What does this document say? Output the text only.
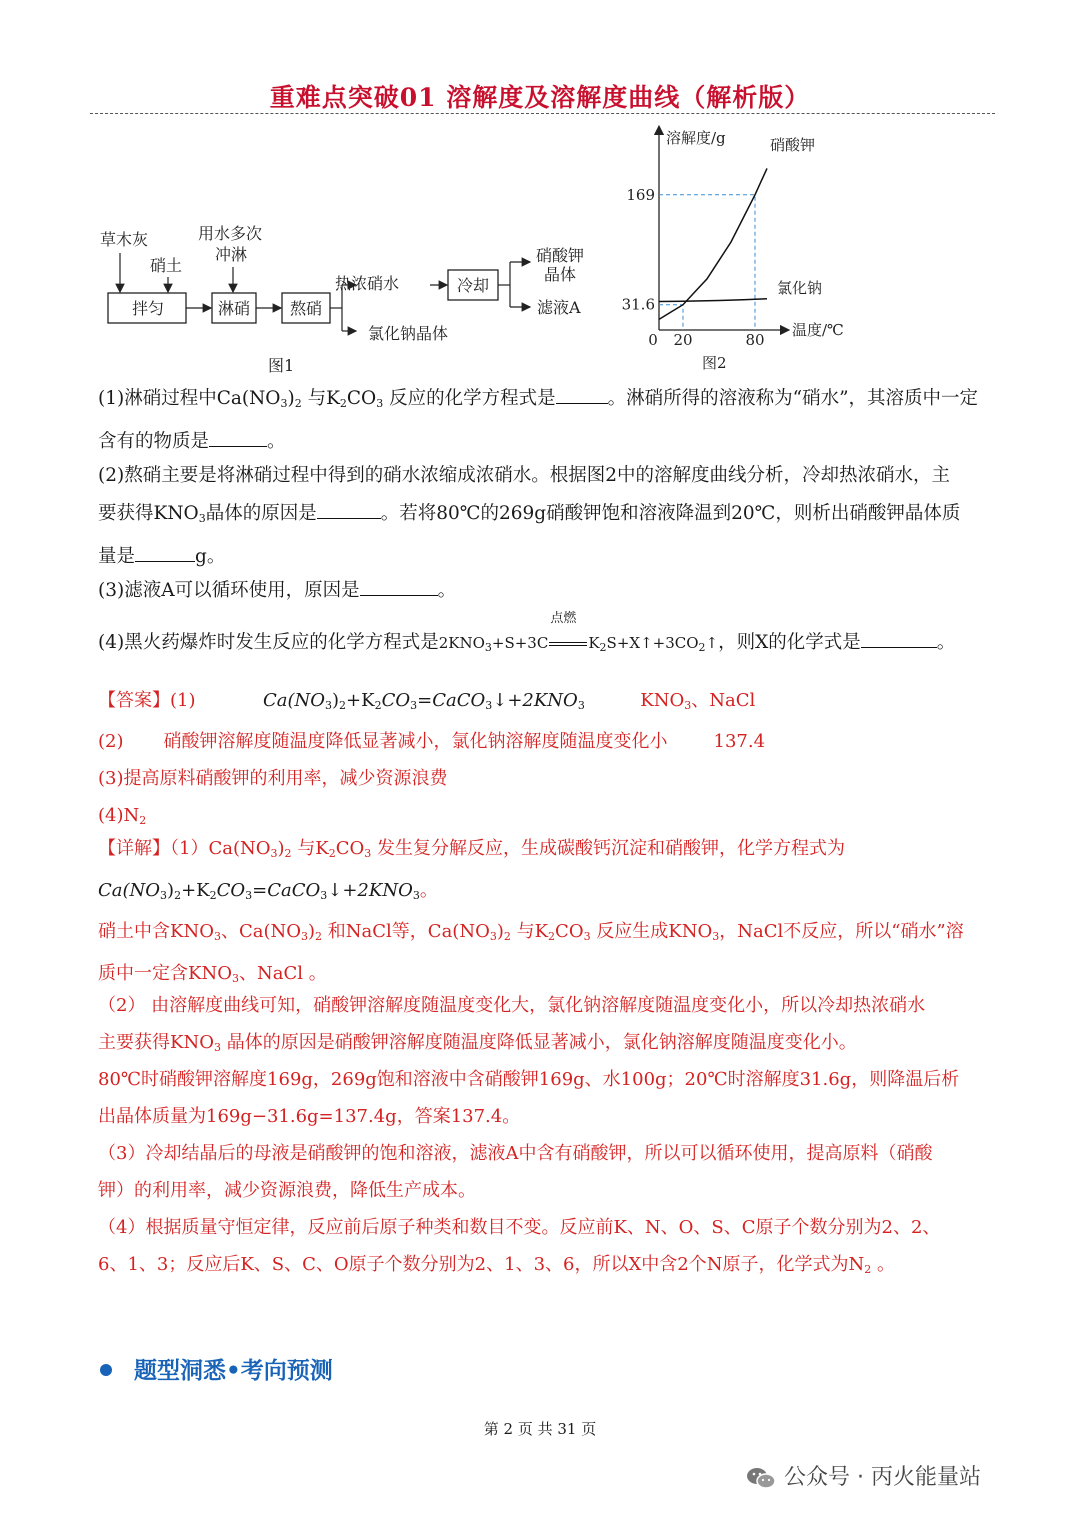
重难点突破01 溶解度及溶解度曲线（解析版）
草木灰
硝土
用水多次
冲淋
热浓硝水
氯化钠晶体
硝酸钾
晶体
滤液A
图1
拌匀	淋硝 熬硝
冷却
溶解度/g
温度/℃
0 20	80
31.6
169
硝酸钾
氯化钠
图2
(1)淋硝过程中$Ca(NO_3)_2$ 与$K_2CO_3$ 反应的化学方程式是	。淋硝所得的溶液称为“硝水”，其溶质中一定
含有的物质是	。
(2)熬硝主要是将淋硝过程中得到的硝水浓缩成浓硝水。根据图2中的溶解度曲线分析，冷却热浓硝水，主
要获得$KNO_3$晶体的原因是	。若将80℃的269g硝酸钾饱和溶液降温到20℃，则析出硝酸钾晶体质
量是	g。
(3)滤液A可以循环使用，原因是	。
(4)黑火药爆炸时发生反应的化学方程式是$2KNO_3+S+3C$
点燃
$K_2S+X↑+3CO_2↑$，则X的化学式是	。
【答案】(1)	$Ca(NO_3)_2+K_2CO_3=CaCO_3↓+2KNO_3$	$KNO_3$、NaCl
(2) 硝酸钾溶解度随温度降低显著减小，氯化钠溶解度随温度变化小	137.4
(3)提高原料硝酸钾的利用率，减少资源浪费
$(4)N_2$
【详解】$(1)Ca(NO_3)_2$ 与$K_2CO_3$ 发生复分解反应，生成碳酸钙沉淀和硝酸钾，化学方程式为
$Ca(NO_3)_2+K_2CO_3=CaCO_3↓+2KNO_3$。
硝土中含$KNO_3$、$Ca(NO_3)_2$ 和NaCl等，$Ca(NO_3)_2$ 与$K_2CO_3$ 反应生成$KNO_3$，NaCl不反应，所以“硝水”溶
质中一定含$KNO_3$、NaCl 。
（2） 由溶解度曲线可知，硝酸钾溶解度随温度变化大，氯化钠溶解度随温度变化小，所以冷却热浓硝水
主要获得$KNO_3$ 晶体的原因是硝酸钾溶解度随温度降低显著减小，氯化钠溶解度随温度变化小。
80℃时硝酸钾溶解度169g，269g饱和溶液中含硝酸钾169g、水100g；20℃时溶解度31.6g，则降温后析
出晶体质量为169g−31.6g=137.4g，答案137.4。
（3）冷却结晶后的母液是硝酸钾的饱和溶液，滤液A中含有硝酸钾，所以可以循环使用，提高原料（硝酸
钾）的利用率，减少资源浪费，降低生产成本。
（4）根据质量守恒定律，反应前后原子种类和数目不变。反应前K、N、O、S、C原子个数分别为2、2、
6、1、3；反应后K、S、C、O原子个数分别为2、1、3、6，所以X中含2个N原子，化学式为$N_2$ 。
题型洞悉•考向预测
第 2 页 共 31 页
公众号 · 丙火能量站
